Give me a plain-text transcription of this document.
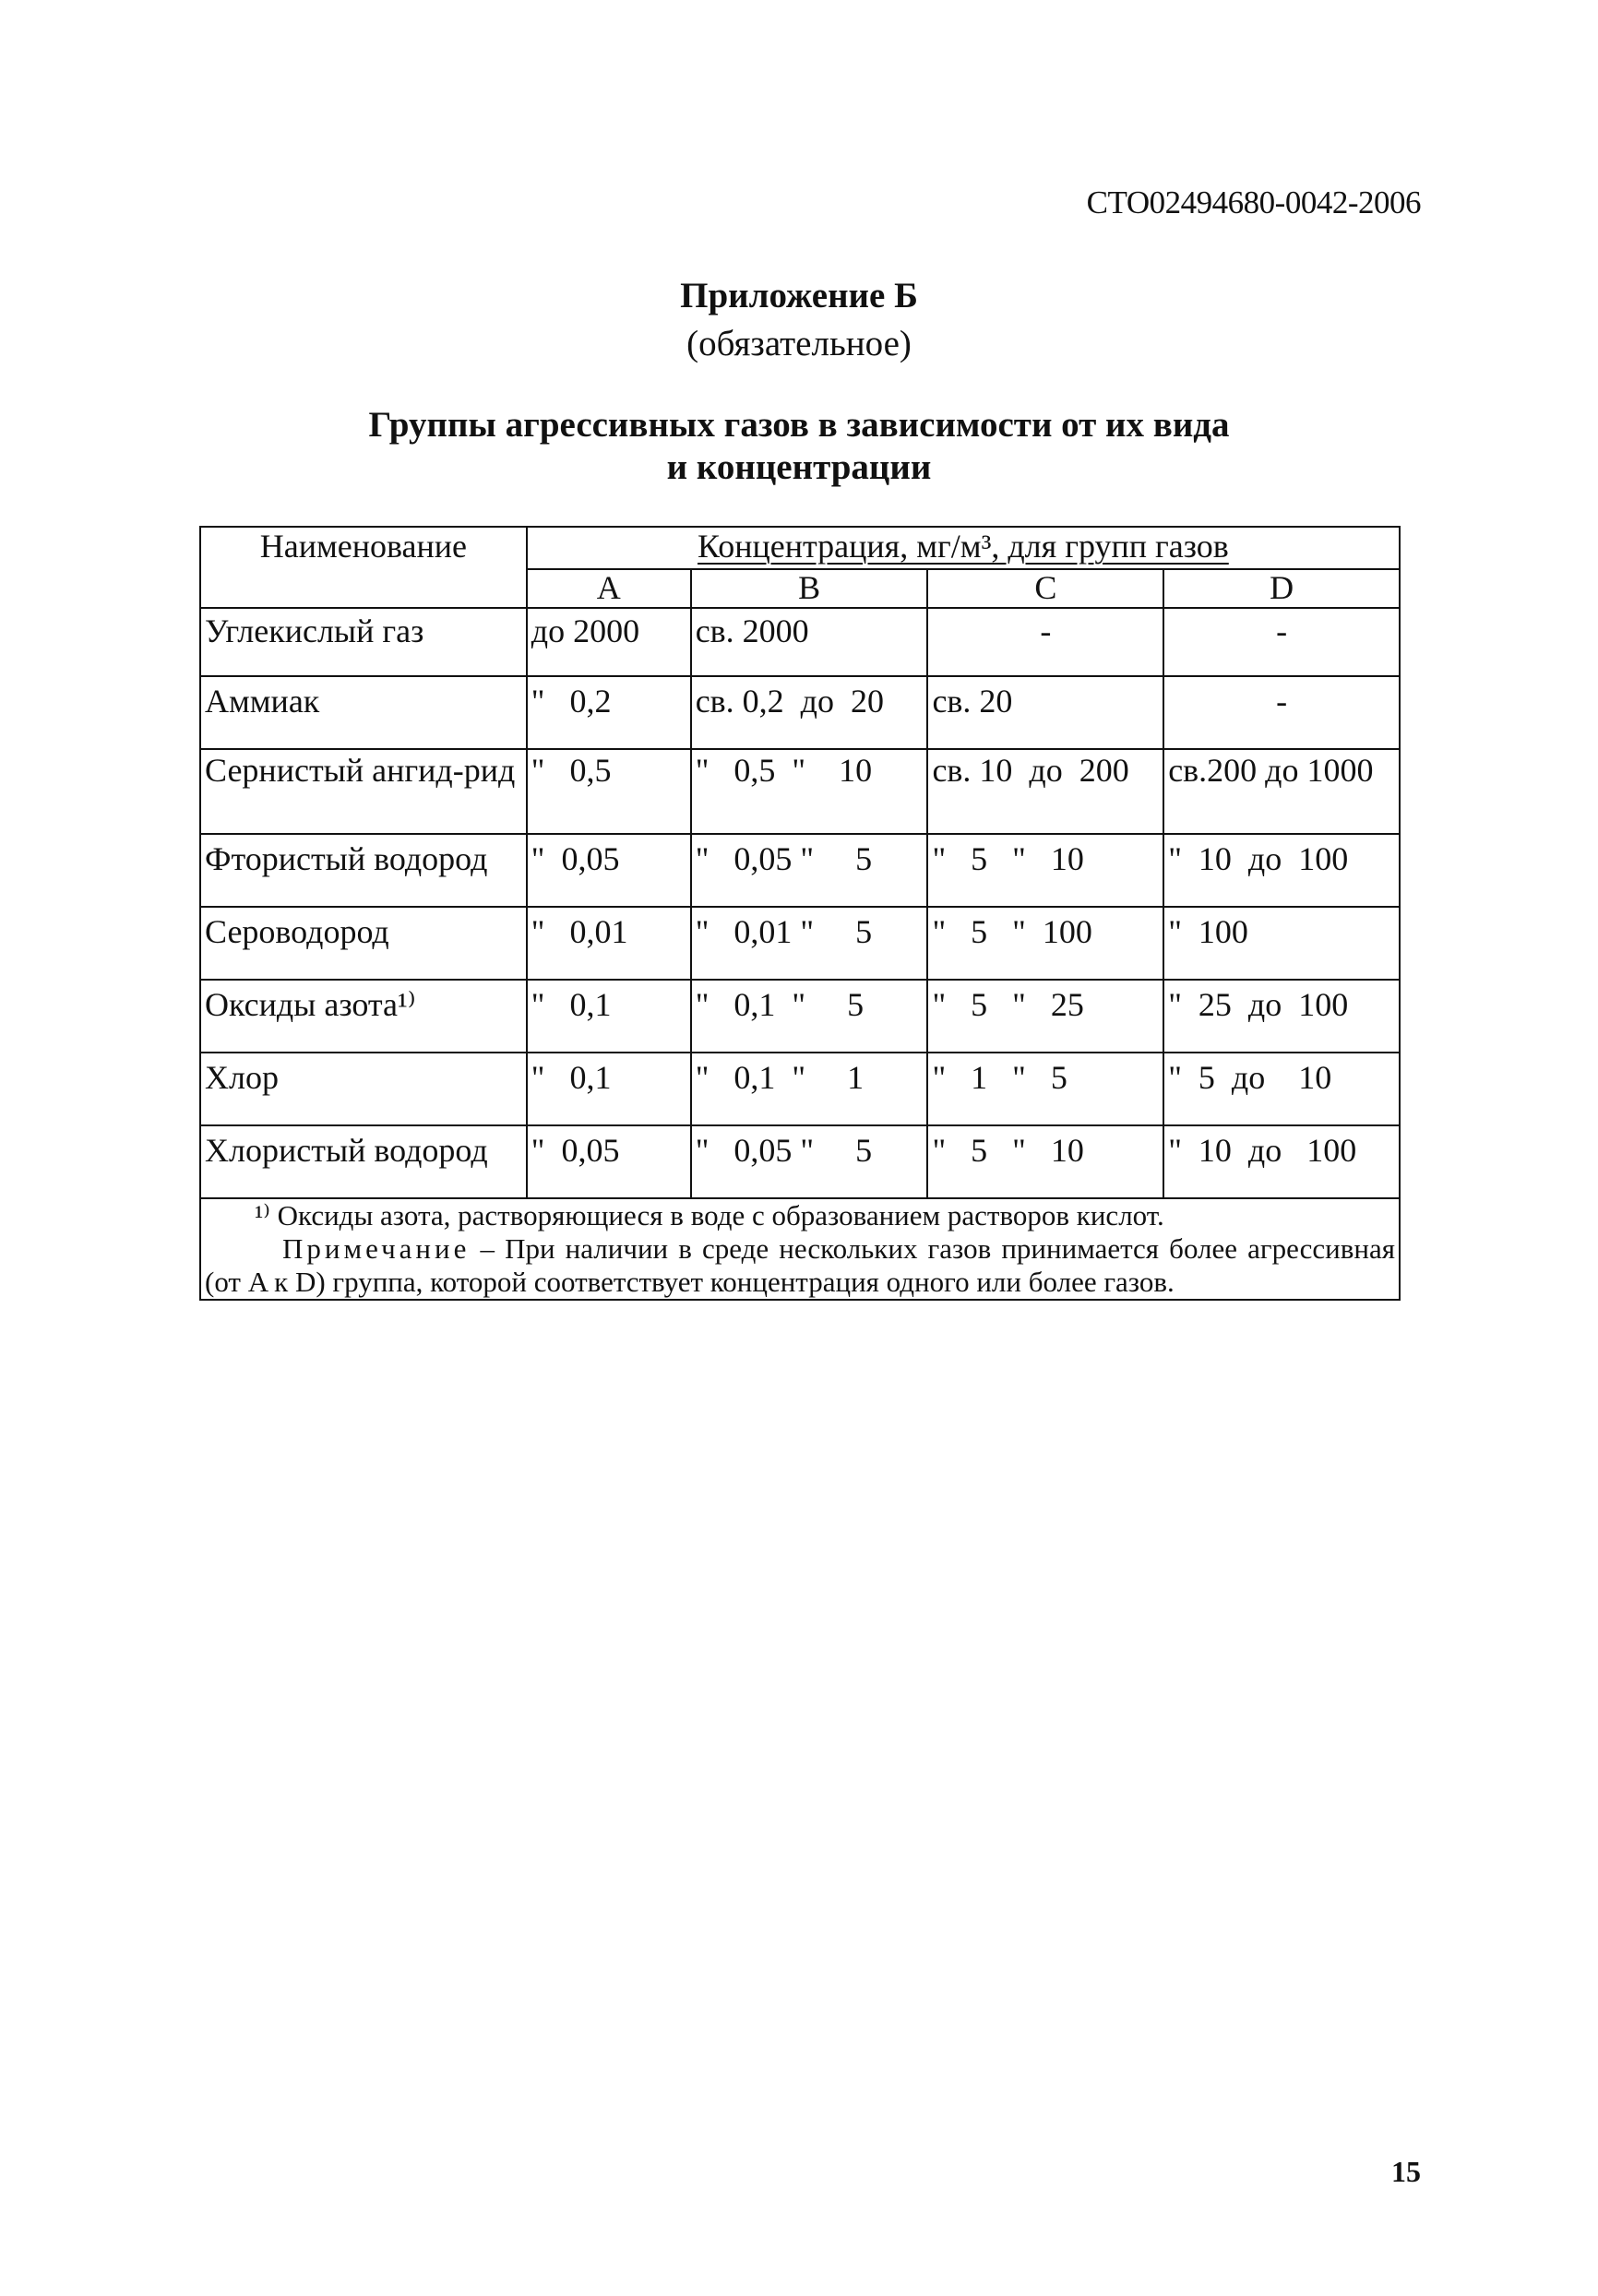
СТО02494680-0042-2006
Приложение Б
(обязательное)
Группы агрессивных газов в зависимости от их вида
и концентрации
Наименование	Концентрация, мг/м³, для групп газов			
	A	B	C	D
Углекислый газ	до 2000	св. 2000	-	-
Аммиак	"   0,2	св. 0,2  до  20	св. 20	-
Сернистый ангид-рид	"   0,5	"   0,5  "    10	св. 10  до  200	св.200 до 1000
Фтористый водород	"  0,05	"   0,05 "     5	"   5   "   10	"  10  до  100
Сероводород	"   0,01	"   0,01 "     5	"   5   "  100	"  100
Оксиды азота¹⁾	"   0,1	"   0,1  "     5	"   5   "   25	"  25  до  100
Хлор	"   0,1	"   0,1  "     1	"   1   "   5	"  5  до    10
Хлористый водород	"  0,05	"   0,05 "     5	"   5   "   10	"  10  до   100

¹⁾ Оксиды азота, растворяющиеся в воде с образованием растворов кислот.
Примечание – При наличии в среде нескольких газов принимается более агрессивная (от A к D) группа, которой соответствует концентрация одного или более газов.				
15
